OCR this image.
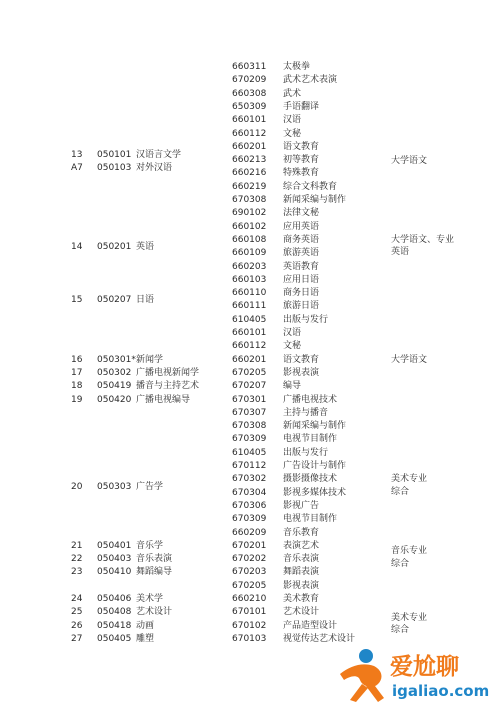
660311 太极拳
670209 武术艺术表演
660308 武术
650309 手语翻译
660101 汉语
660112 文秘
660201 语文教育
660213 初等教育
660216 特殊教育
660219 综合文科教育
670308 新闻采编与制作
690102 法律文秘
660102 应用英语
660108 商务英语
660109 旅游英语
660203 英语教育
660103 应用日语
660110 商务日语
660111 旅游日语
610405 出版与发行
660101 汉语
660112 文秘
660201 语文教育
670205 影视表演
670207 编导
670301 广播电视技术
670307 主持与播音
670308 新闻采编与制作
670309 电视节目制作
610405 出版与发行
670112 广告设计与制作
670302 摄影摄像技术
670304 影视多媒体技术
670306 影视广告
670309 电视节目制作
660209 音乐教育
670201 表演艺术
670202 音乐表演
670203 舞蹈表演
670205 影视表演
660210 美术教育
670101 艺术设计
670102 产品造型设计
670103 视觉传达艺术设计
13 050101 汉语言文学
A7 050103 对外汉语
14 050201 英语
15 050207 日语
16 050301* 新闻学
17 050302 广播电视新闻学
18 050419 播音与主持艺术
19 050420 广播电视编导
20 050303 广告学
21 050401 音乐学
22 050403 音乐表演
23 050410 舞蹈编导
24 050406 美术学
25 050408 艺术设计
26 050418 动画
27 050405 雕塑
大学语文
大学语文、专业
英语
大学语文
美术专业
综合
音乐专业
综合
美术专业
综合
爱尬聊
igaliao.com
